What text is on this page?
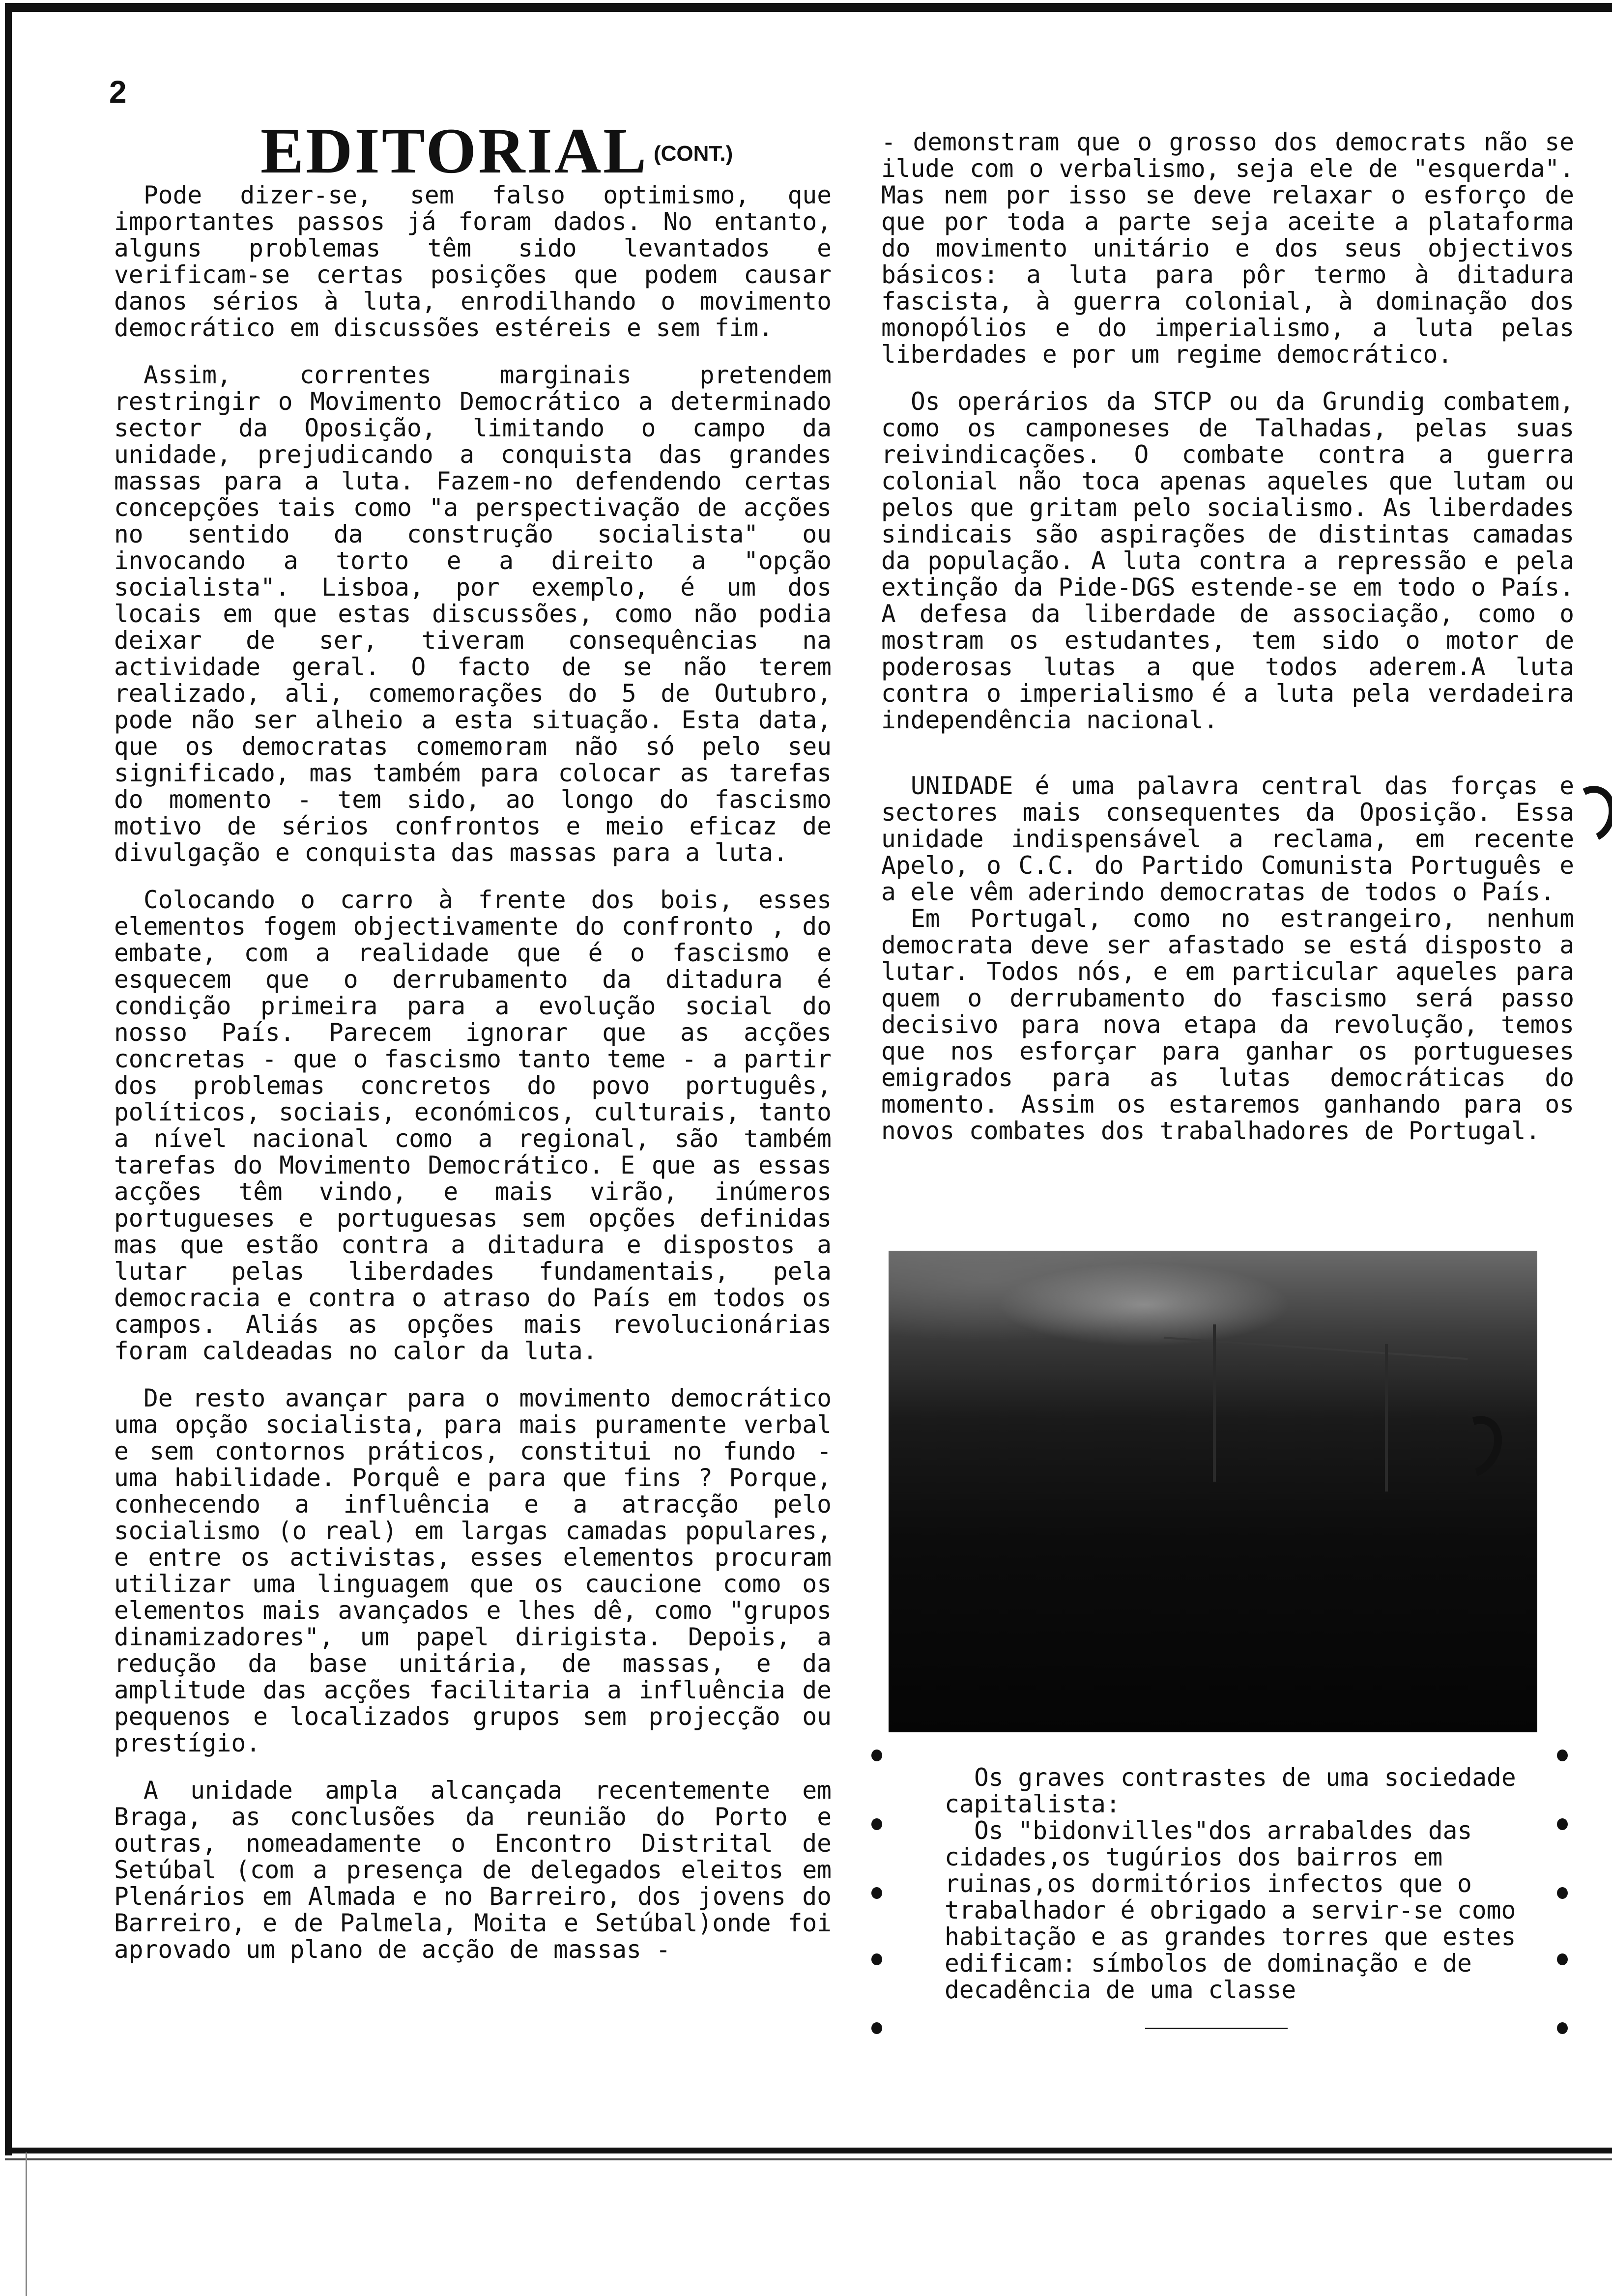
2
EDITORIAL (CONT.)

Pode dizer-se, sem falso optimismo, que importantes passos já foram dados. No entanto, alguns problemas têm sido levantados e verificam-se certas posições que podem causar danos sérios à luta, enrodilhando o movimento democrático em discussões estéreis e sem fim.

Assim, correntes marginais pretendem restringir o Movimento Democrático a determinado sector da Oposição, limitando o campo da unidade, prejudicando a conquista das grandes massas para a luta. Fazem-no defendendo certas concepções tais como "a perspectivação de acções no sentido da construção socialista" ou invocando a torto e a direito a "opção socialista". Lisboa, por exemplo, é um dos locais em que estas discussões, como não podia deixar de ser, tiveram consequências na actividade geral. O facto de se não terem realizado, ali, comemorações do 5 de Outubro, pode não ser alheio a esta situação. Esta data, que os democratas comemoram não só pelo seu significado, mas também para colocar as tarefas do momento - tem sido, ao longo do fascismo motivo de sérios confrontos e meio eficaz de divulgação e conquista das massas para a luta.

Colocando o carro à frente dos bois, esses elementos fogem objectivamente do confronto , do embate, com a realidade que é o fascismo e esquecem que o derrubamento da ditadura é condição primeira para a evolução social do nosso País. Parecem ignorar que as acções concretas - que o fascismo tanto teme - a partir dos problemas concretos do povo português, políticos, sociais, económicos, culturais, tanto a nível nacional como a regional, são também tarefas do Movimento Democrático. E que as essas acções têm vindo, e mais virão, inúmeros portugueses e portuguesas sem opções definidas mas que estão contra a ditadura e dispostos a lutar pelas liberdades fundamentais, pela democracia e contra o atraso do País em todos os campos. Aliás as opções mais revolucionárias foram caldeadas no calor da luta.

De resto avançar para o movimento democrático uma opção socialista, para mais puramente verbal e sem contornos práticos, constitui no fundo - uma habilidade. Porquê e para que fins ? Porque, conhecendo a influência e a atracção pelo socialismo (o real) em largas camadas populares, e entre os activistas, esses elementos procuram utilizar uma linguagem que os caucione como os elementos mais avançados e lhes dê, como "grupos dinamizadores", um papel dirigista. Depois, a redução da base unitária, de massas, e da amplitude das acções facilitaria a influência de pequenos e localizados grupos sem projecção ou prestígio.

A unidade ampla alcançada recentemente em Braga, as conclusões da reunião do Porto e outras, nomeadamente o Encontro Distrital de Setúbal (com a presença de delegados eleitos em Plenários em Almada e no Barreiro, dos jovens do Barreiro, e de Palmela, Moita e Setúbal)onde foi aprovado um plano de acção de massas -

- demonstram que o grosso dos democrats não se ilude com o verbalismo, seja ele de "esquerda". Mas nem por isso se deve relaxar o esforço de que por toda a parte seja aceite a plataforma do movimento unitário e dos seus objectivos básicos: a luta para pôr termo à ditadura fascista, à guerra colonial, à dominação dos monopólios e do imperialismo, a luta pelas liberdades e por um regime democrático.

Os operários da STCP ou da Grundig combatem, como os camponeses de Talhadas, pelas suas reivindicações. O combate contra a guerra colonial não toca apenas aqueles que lutam ou pelos que gritam pelo socialismo. As liberdades sindicais são aspirações de distintas camadas da população. A luta contra a repressão e pela extinção da Pide-DGS estende-se em todo o País. A defesa da liberdade de associação, como o mostram os estudantes, tem sido o motor de poderosas lutas a que todos aderem.A luta contra o imperialismo é a luta pela verdadeira independência nacional.

UNIDADE é uma palavra central das forças e sectores mais consequentes da Oposição. Essa unidade indispensável a reclama, em recente Apelo, o C.C. do Partido Comunista Português e a ele vêm aderindo democratas de todos o País.

Em Portugal, como no estrangeiro, nenhum democrata deve ser afastado se está disposto a lutar. Todos nós, e em particular aqueles para quem o derrubamento do fascismo será passo decisivo para nova etapa da revolução, temos que nos esforçar para ganhar os portugueses emigrados para as lutas democráticas do momento. Assim os estaremos ganhando para os novos combates dos trabalhadores de Portugal.

Os graves contrastes de uma sociedade capitalista:

Os "bidonvilles"dos arrabaldes das cidades,os tugúrios dos bairros em ruinas,os dormitórios infectos que o trabalhador é obrigado a servir-se como habitação e as grandes torres que estes edificam: símbolos de dominação e de decadência de uma classe
